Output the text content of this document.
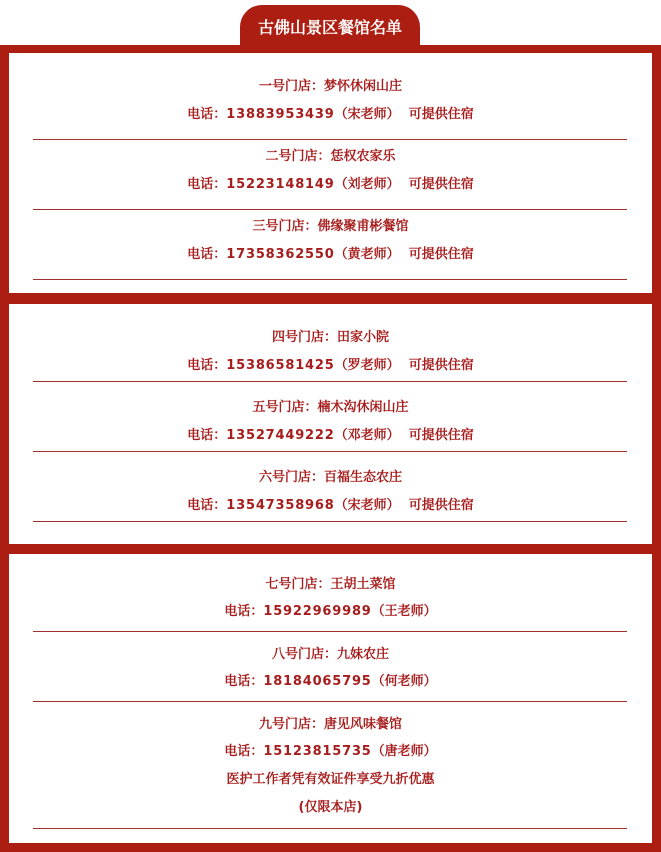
一号门店：梦怀休闲山庄
电话：13883953439（宋老师） 可提供住宿
二号门店：恁权农家乐
电话：15223148149（刘老师） 可提供住宿
三号门店：佛缘聚甫彬餐馆
电话：17358362550（黄老师） 可提供住宿
四号门店：田家小院
电话：15386581425（罗老师） 可提供住宿
五号门店：楠木沟休闲山庄
电话：13527449222（邓老师） 可提供住宿
六号门店：百福生态农庄
电话：13547358968（宋老师） 可提供住宿
七号门店：王胡土菜馆
电话：15922969989（王老师）
八号门店：九妹农庄
电话：18184065795（何老师）
九号门店：唐见风味餐馆
电话：15123815735（唐老师）
医护工作者凭有效证件享受九折优惠
(仅限本店)
古佛山景区餐馆名单
